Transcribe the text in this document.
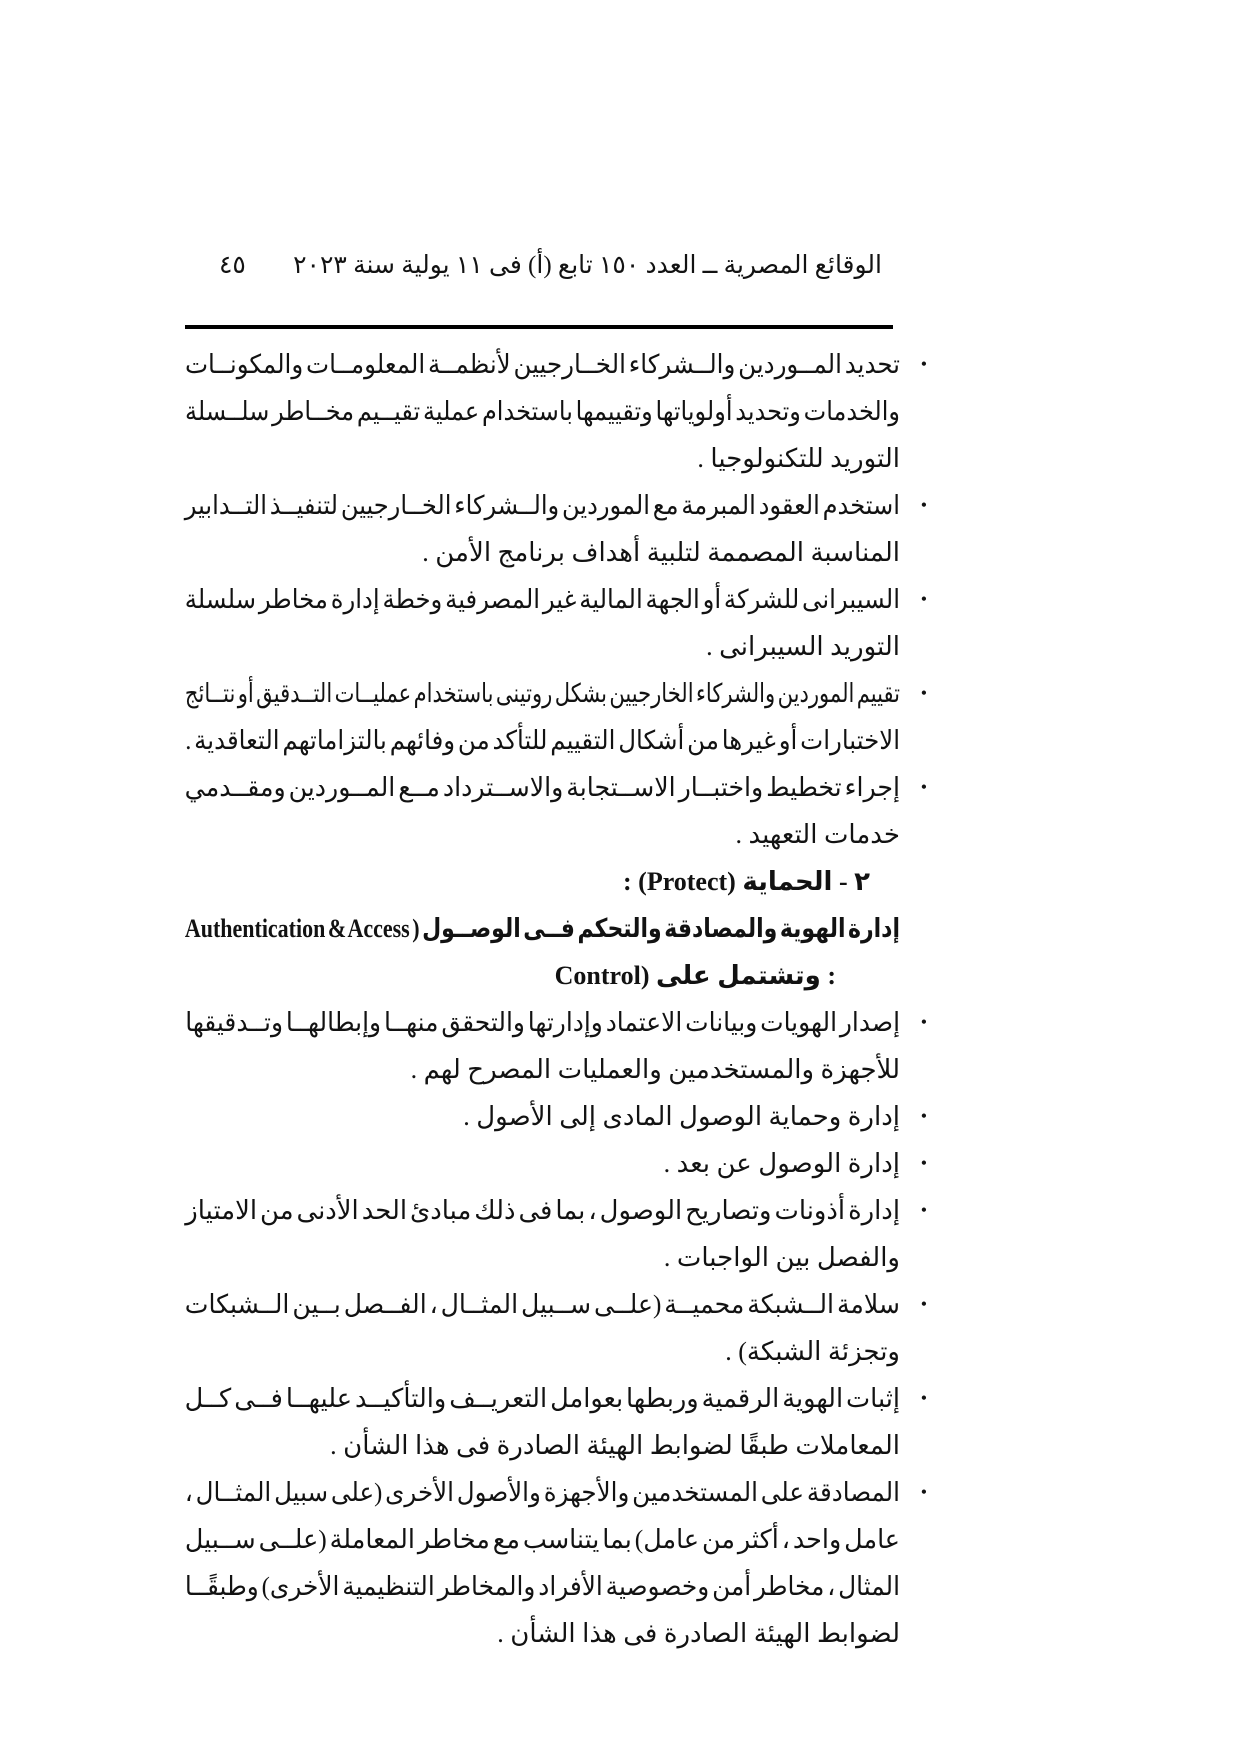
الوقائع المصرية ــ العدد ١٥٠ تابع (أ) فى ١١ يولية سنة ٢٠٢٣
٤٥
•
تحديد المــوردين والــشركاء الخــارجيين لأنظمــة المعلومــات والمكونــات
والخدمات وتحديد أولوياتها وتقييمها باستخدام عملية تقيــيم مخــاطر سلــسلة
التوريد للتكنولوجيا .
•
استخدم العقود المبرمة مع الموردين والــشركاء الخــارجيين لتنفيــذ التــدابير
المناسبة المصممة لتلبية أهداف برنامج الأمن .
•
السيبرانى للشركة أو الجهة المالية غير المصرفية وخطة إدارة مخاطر سلسلة
التوريد السيبرانى .
•
تقييم الموردين والشركاء الخارجيين بشكل روتينى باستخدام عمليــات التــدقيق أو نتــائج
الاختبارات أو غيرها من أشكال التقييم للتأكد من وفائهم بالتزاماتهم التعاقدية .
•
إجراء تخطيط واختبــار الاســتجابة والاســترداد مــع المــوردين ومقــدمي
خدمات التعهيد .
٢ - الحماية (Protect) :
إدارة الهوية والمصادقة والتحكم فــى الوصــول ( Authentication & Access
Control) وتشتمل على :
•
إصدار الهويات وبيانات الاعتماد وإدارتها والتحقق منهــا وإبطالهــا وتــدقيقها
للأجهزة والمستخدمين والعمليات المصرح لهم .
•
إدارة وحماية الوصول المادى إلى الأصول .
•
إدارة الوصول عن بعد .
•
إدارة أذونات وتصاريح الوصول ، بما فى ذلك مبادئ الحد الأدنى من الامتياز
والفصل بين الواجبات .
•
سلامة الــشبكة محميــة (علــى ســبيل المثــال ، الفــصل بــين الــشبكات
وتجزئة الشبكة) .
•
إثبات الهوية الرقمية وربطها بعوامل التعريــف والتأكيــد عليهــا فــى كــل
المعاملات طبقًا لضوابط الهيئة الصادرة فى هذا الشأن .
•
المصادقة على المستخدمين والأجهزة والأصول الأخرى (على سبيل المثــال ،
عامل واحد ، أكثر من عامل) بما يتناسب مع مخاطر المعاملة (علــى ســبيل
المثال ، مخاطر أمن وخصوصية الأفراد والمخاطر التنظيمية الأخرى) وطبقًــا
لضوابط الهيئة الصادرة فى هذا الشأن .
